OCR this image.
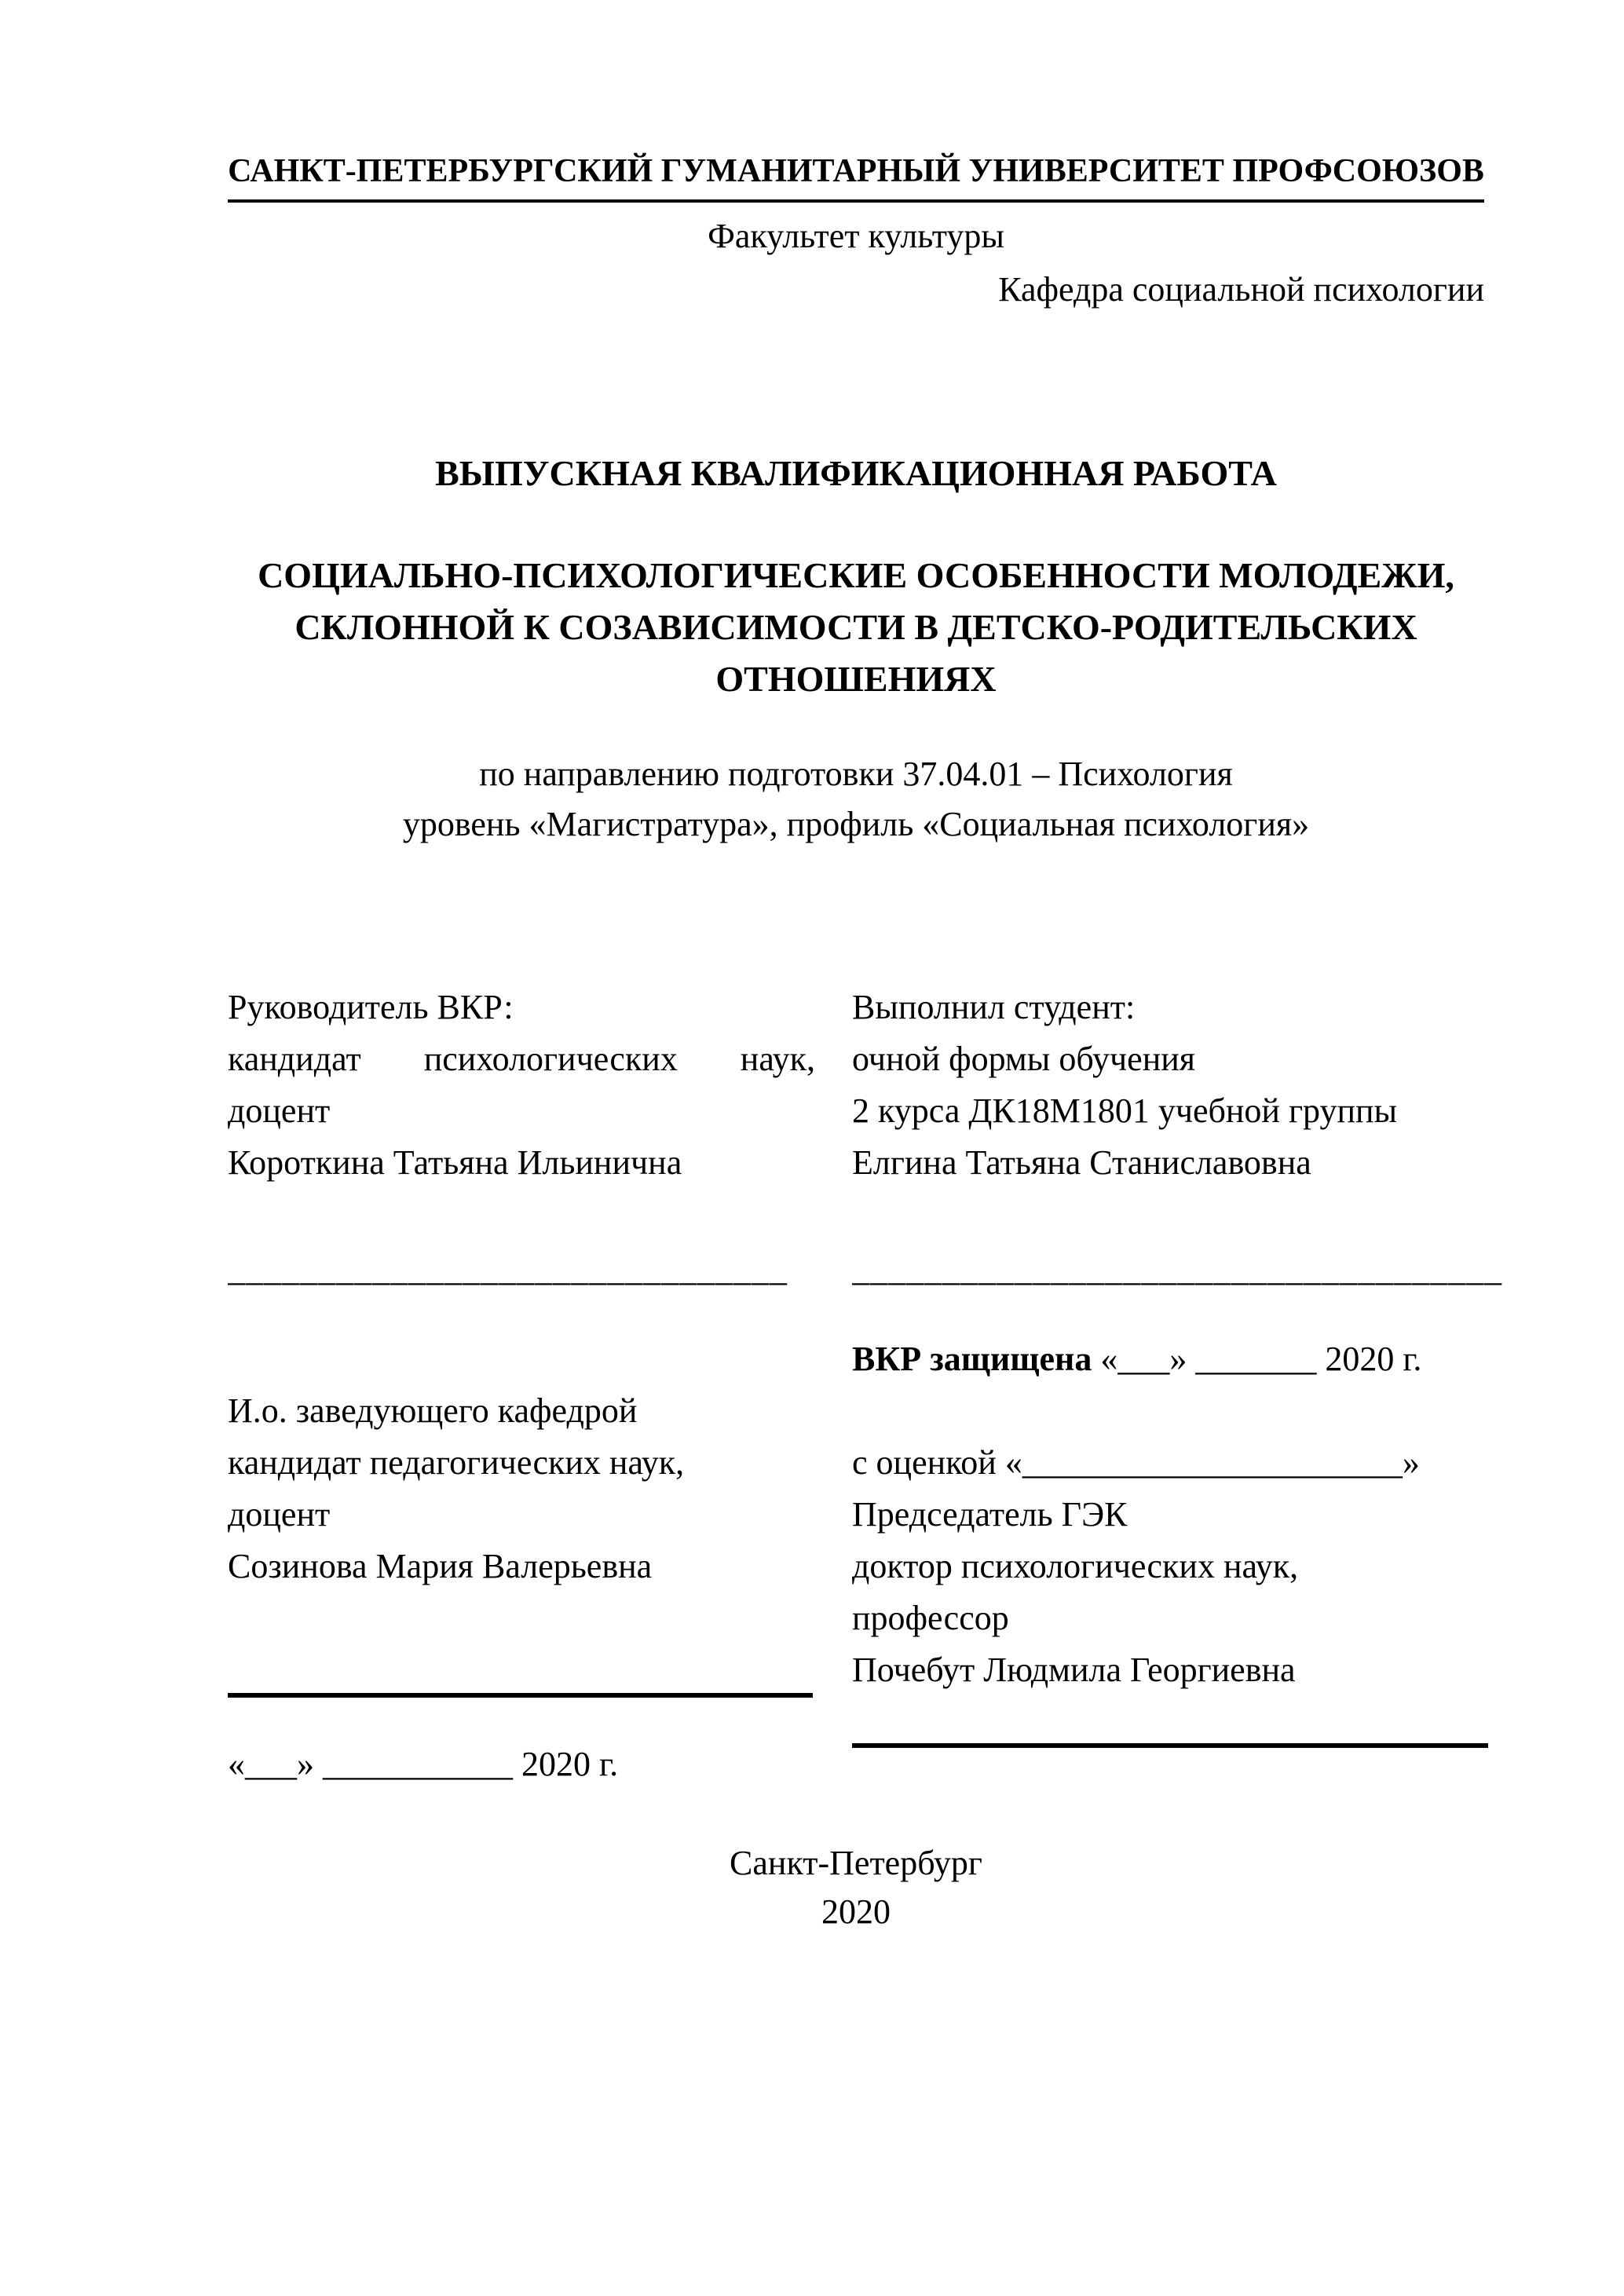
САНКТ-ПЕТЕРБУРГСКИЙ ГУМАНИТАРНЫЙ УНИВЕРСИТЕТ ПРОФСОЮЗОВ
Факультет культуры
Кафедра социальной психологии
ВЫПУСКНАЯ КВАЛИФИКАЦИОННАЯ РАБОТА
СОЦИАЛЬНО-ПСИХОЛОГИЧЕСКИЕ ОСОБЕННОСТИ МОЛОДЕЖИ,
СКЛОННОЙ К СОЗАВИСИМОСТИ В ДЕТСКО-РОДИТЕЛЬСКИХ
ОТНОШЕНИЯХ
по направлению подготовки 37.04.01 – Психология
уровень «Магистратура», профиль «Социальная психология»
Руководитель ВКР:
кандидат психологических наук,
доцент
Короткина Татьяна Ильинична
Выполнил студент:
очной формы обучения
2 курса ДК18М1801 учебной группы
Елгина Татьяна Станиславовна
_______________________________	____________________________________
И.о. заведующего кафедрой
кандидат педагогических наук,
доцент
Созинова Мария Валерьевна
«___» ___________ 2020 г.
ВКР защищена «___» _______ 2020 г.
с оценкой «______________________»
Председатель ГЭК
доктор психологических наук,
профессор
Почебут Людмила Георгиевна
Санкт-Петербург
2020
